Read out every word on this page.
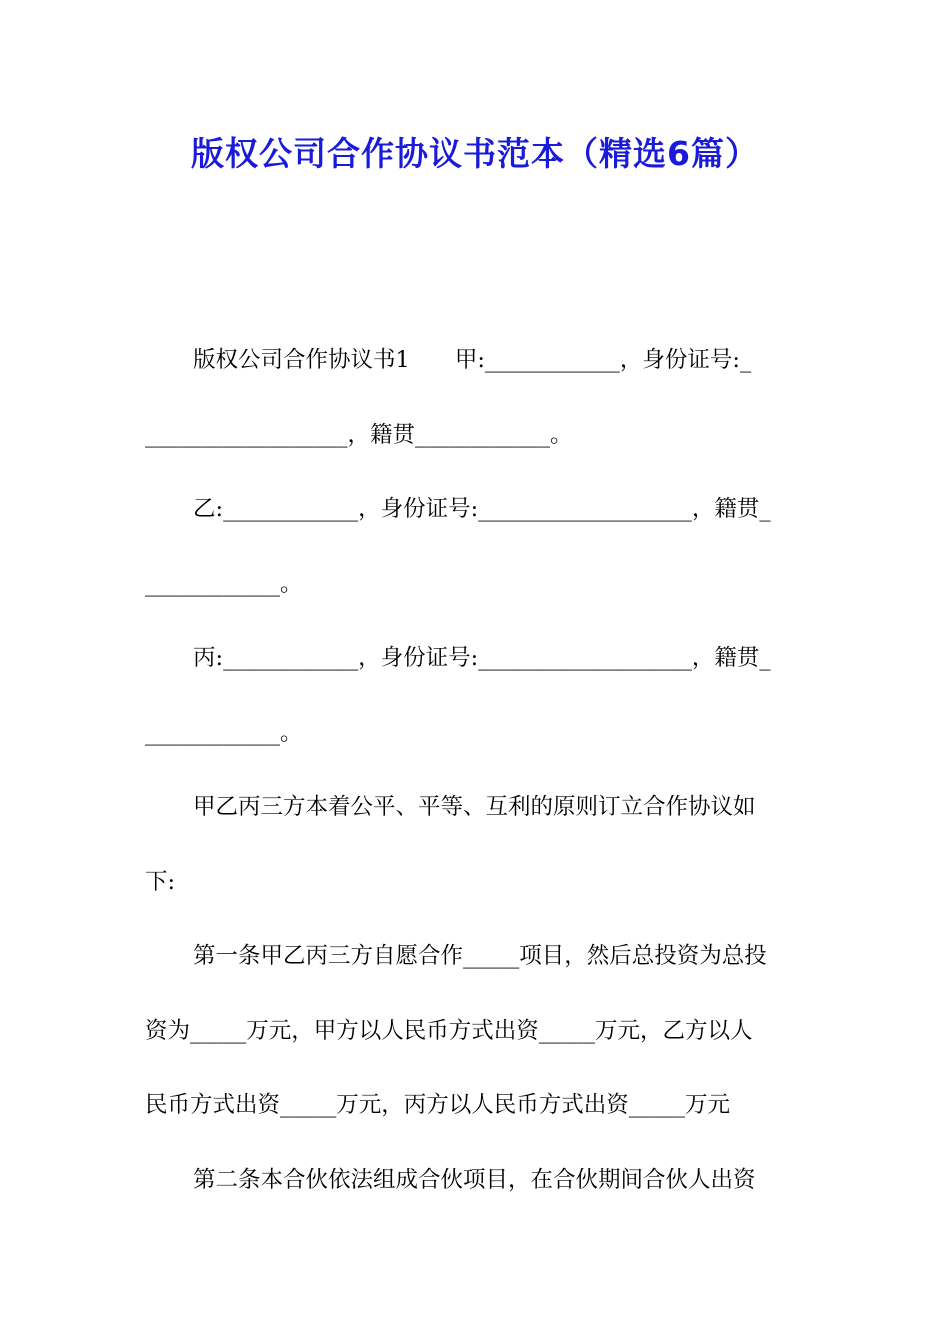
版权公司合作协议书范本（精选6篇）
版权公司合作协议书1　　甲:____________，身份证号:_
__________________，籍贯____________。
乙:____________，身份证号:___________________，籍贯_
____________。
丙:____________，身份证号:___________________，籍贯_
____________。
甲乙丙三方本着公平、平等、互利的原则订立合作协议如
下:
第一条甲乙丙三方自愿合作_____项目，然后总投资为总投
资为_____万元，甲方以人民币方式出资_____万元，乙方以人
民币方式出资_____万元，丙方以人民币方式出资_____万元
第二条本合伙依法组成合伙项目，在合伙期间合伙人出资
